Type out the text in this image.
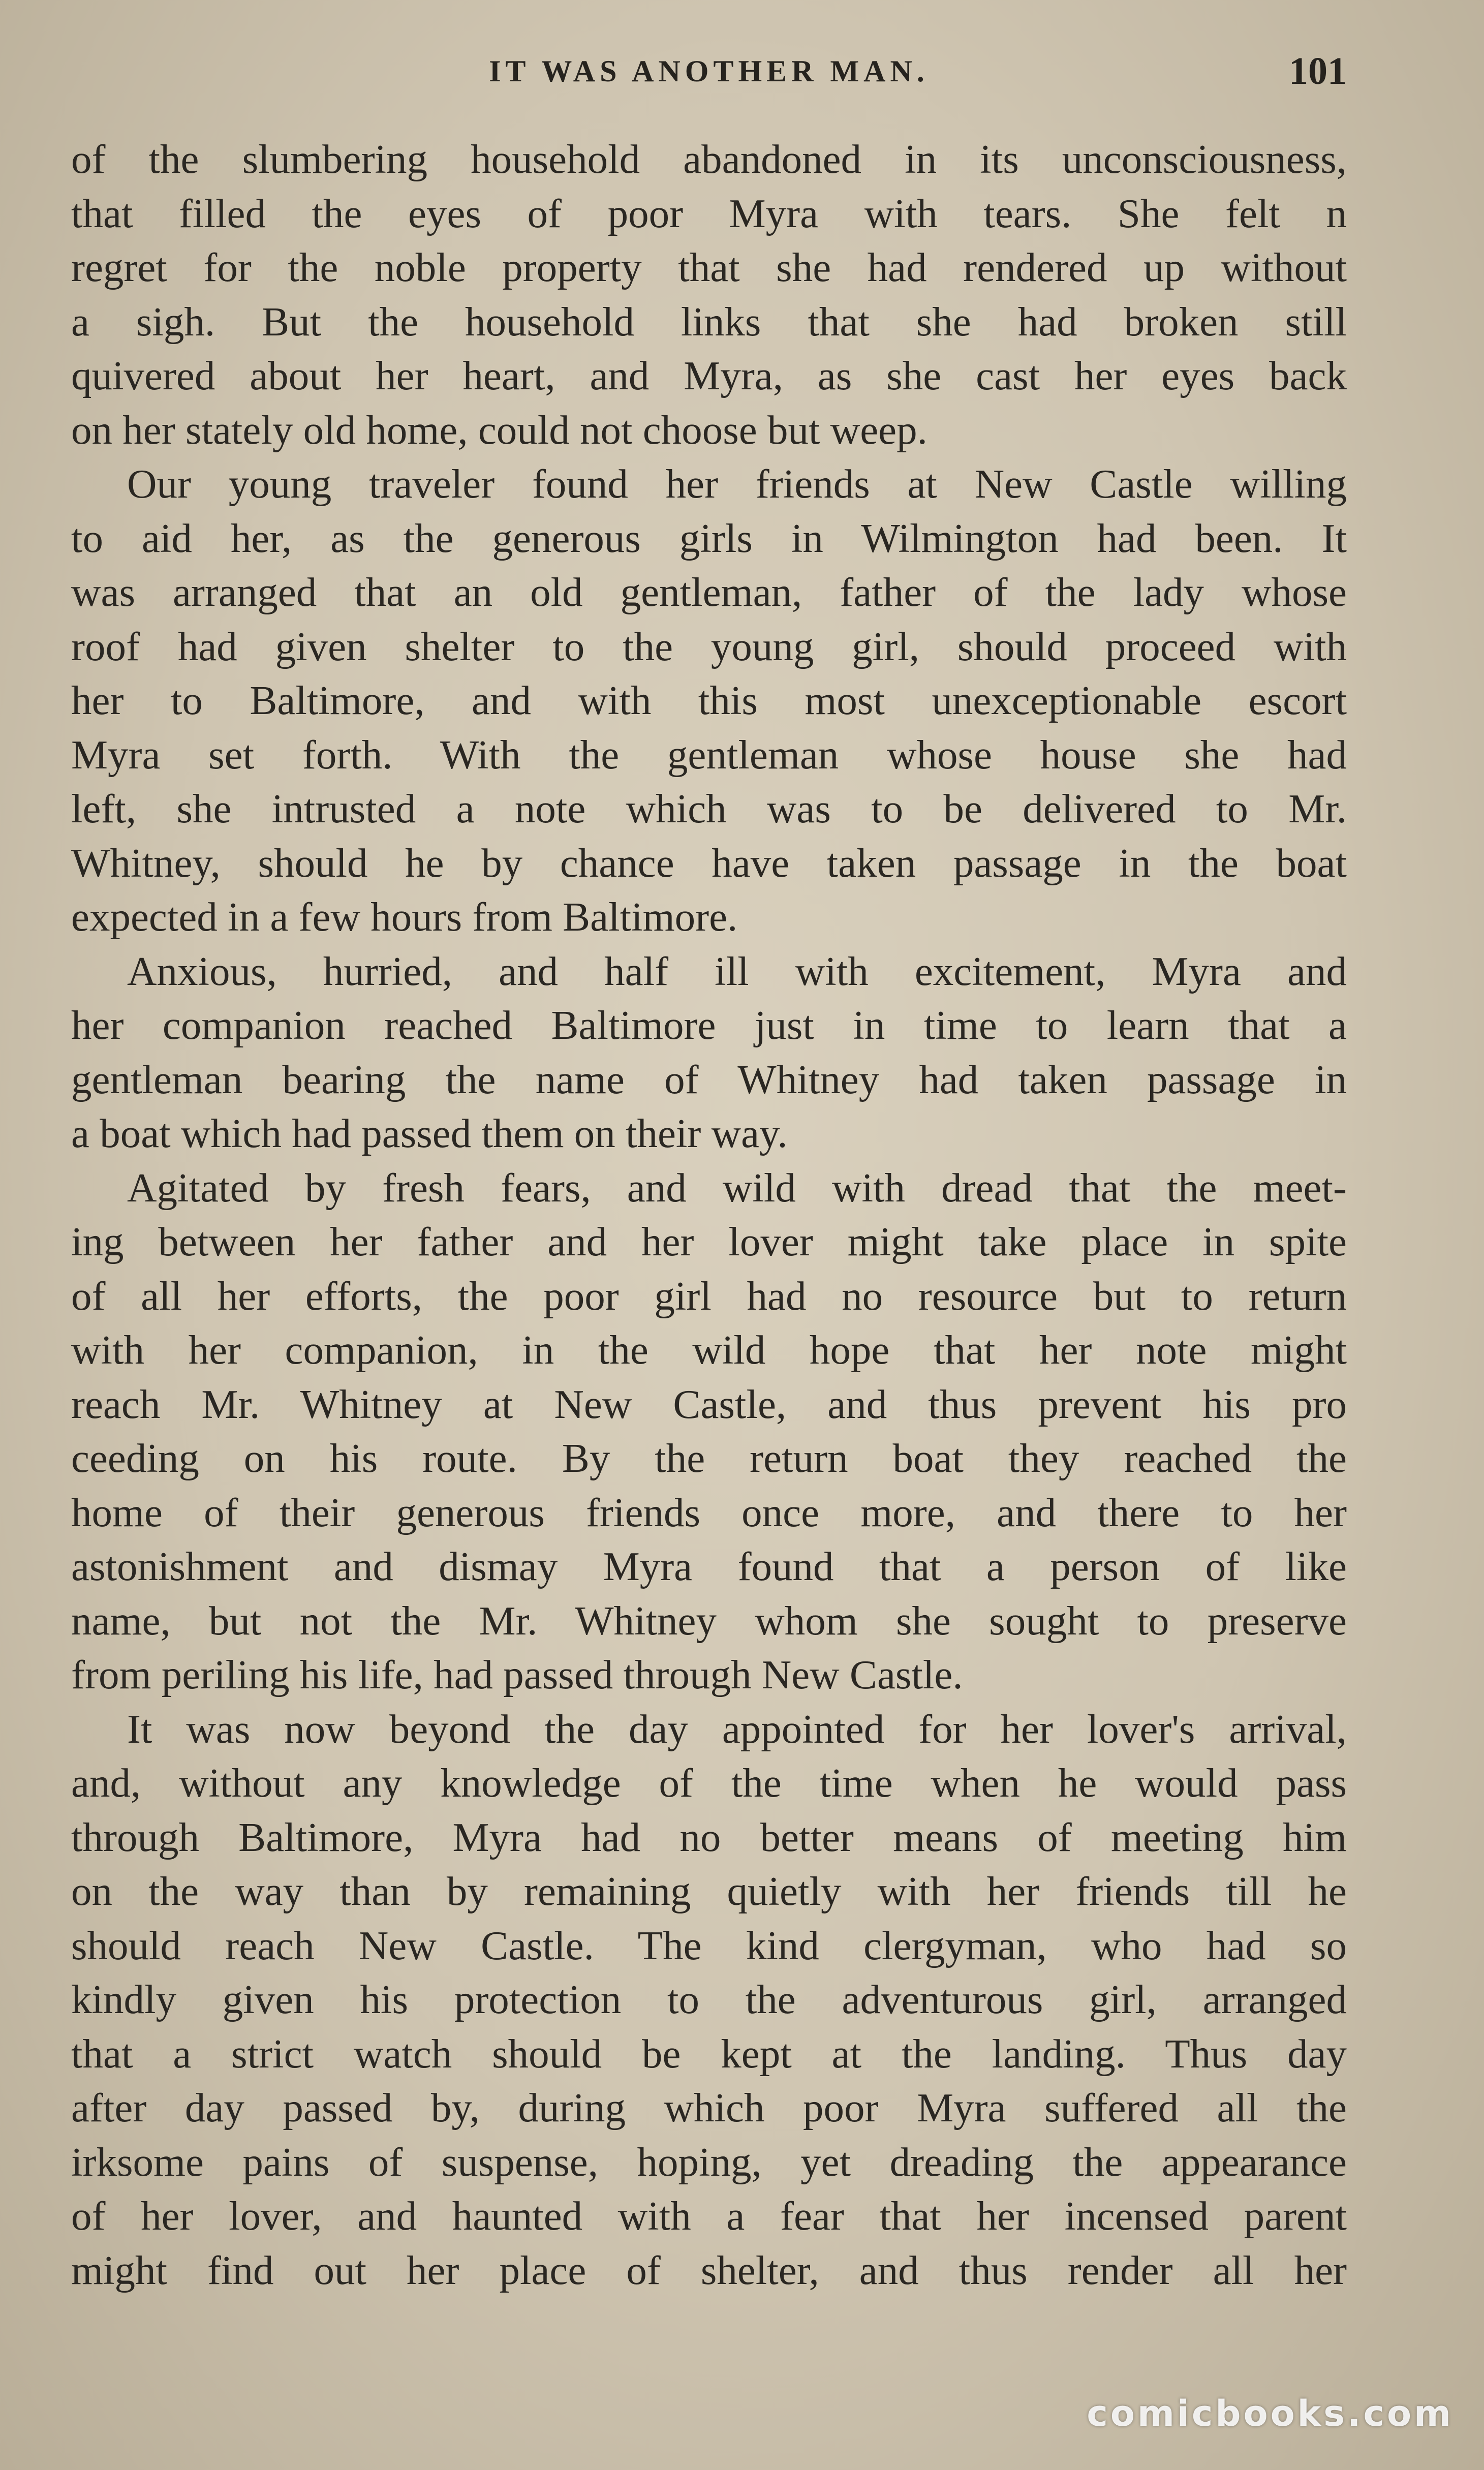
IT WAS ANOTHER MAN.	101
of the slumbering household abandoned in its unconsciousness,
that filled the eyes of poor Myra with tears. She felt n
regret for the noble property that she had rendered up without
a sigh. But the household links that she had broken still
quivered about her heart, and Myra, as she cast her eyes back
on her stately old home, could not choose but weep.
Our young traveler found her friends at New Castle willing
to aid her, as the generous girls in Wilmington had been. It
was arranged that an old gentleman, father of the lady whose
roof had given shelter to the young girl, should proceed with
her to Baltimore, and with this most unexceptionable escort
Myra set forth. With the gentleman whose house she had
left, she intrusted a note which was to be delivered to Mr.
Whitney, should he by chance have taken passage in the boat
expected in a few hours from Baltimore.
Anxious, hurried, and half ill with excitement, Myra and
her companion reached Baltimore just in time to learn that a
gentleman bearing the name of Whitney had taken passage in
a boat which had passed them on their way.
Agitated by fresh fears, and wild with dread that the meet-
ing between her father and her lover might take place in spite
of all her efforts, the poor girl had no resource but to return
with her companion, in the wild hope that her note might
reach Mr. Whitney at New Castle, and thus prevent his pro
ceeding on his route. By the return boat they reached the
home of their generous friends once more, and there to her
astonishment and dismay Myra found that a person of like
name, but not the Mr. Whitney whom she sought to preserve
from periling his life, had passed through New Castle.
It was now beyond the day appointed for her lover's arrival,
and, without any knowledge of the time when he would pass
through Baltimore, Myra had no better means of meeting him
on the way than by remaining quietly with her friends till he
should reach New Castle. The kind clergyman, who had so
kindly given his protection to the adventurous girl, arranged
that a strict watch should be kept at the landing. Thus day
after day passed by, during which poor Myra suffered all the
irksome pains of suspense, hoping, yet dreading the appearance
of her lover, and haunted with a fear that her incensed parent
might find out her place of shelter, and thus render all her
comicbooks.com
